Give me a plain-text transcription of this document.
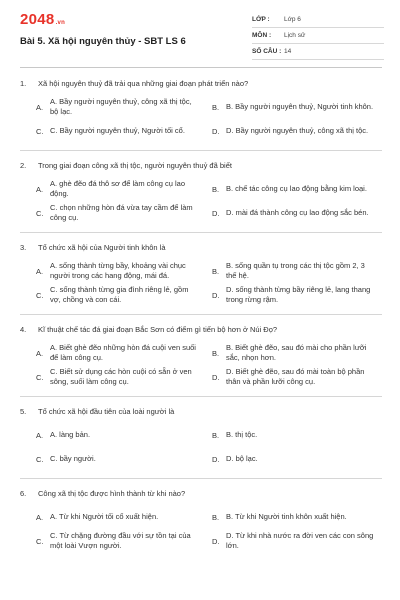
2048.vn
Bài 5. Xã hội nguyên thủy - SBT LS 6
LỚP : Lớp 6
MÔN : Lịch sử
SỐ CÂU : 14
1. Xã hội nguyên thuỷ đã trải qua những giai đoạn phát triển nào?
A.
A. Bầy người nguyên thuỷ, công xã thị tộc, bộ lạc.	B. B. Bầy người nguyên thuỷ, Người tinh khôn.
C. C. Bầy người nguyên thuỷ, Người tối cổ.	D. D. Bầy người nguyên thuỷ, công xã thị tộc.
2. Trong giai đoạn công xã thị tộc, người nguyên thuỷ đã biết
A.
A. ghè đẽo đá thô sơ để làm công cụ lao động.	B. B. chế tác công cụ lao động bằng kim loại.
C.
C. chọn những hòn đá vừa tay cầm để làm công cụ.	D. D. mài đá thành công cụ lao động sắc bén.
3. Tổ chức xã hội của Người tinh khôn là
A.
A. sống thành từng bầy, khoảng vài chục người trong các hang động, mái đá.	B.
B. sống quần tụ trong các thị tộc gồm 2, 3 thế hệ.
C.
C. sống thành từng gia đình riêng lẻ, gồm vợ, chồng và con cái.	D.
D. sống thành từng bầy riêng lẻ, lang thang trong rừng rậm.
4. Kĩ thuật chế tác đá giai đoạn Bắc Sơn có điểm gì tiến bộ hơn ở Núi Đọ?
A.
A. Biết ghè đẽo những hòn đá cuội ven suối để làm công cụ.	B.
B. Biết ghè đẽo, sau đó mài cho phần lưỡi sắc, nhọn hơn.
C.
C. Biết sử dụng các hòn cuội có sẵn ở ven sông, suối làm công cụ.	D.
D. Biết ghè đẽo, sau đó mài toàn bộ phần thân và phần lưỡi công cụ.
5. Tổ chức xã hội đầu tiên của loài người là
A. A. làng bản.	B. B. thị tộc.
C. C. bầy người.	D. D. bộ lạc.
6. Công xã thị tộc được hình thành từ khi nào?
A. A. Từ khi Người tối cổ xuất hiện.	B. B. Từ khi Người tinh khôn xuất hiện.
C.
C. Từ chặng đường đầu với sự tồn tại của một loài Vượn người.	D.
D. Từ khi nhà nước ra đời ven các con sông lớn.
